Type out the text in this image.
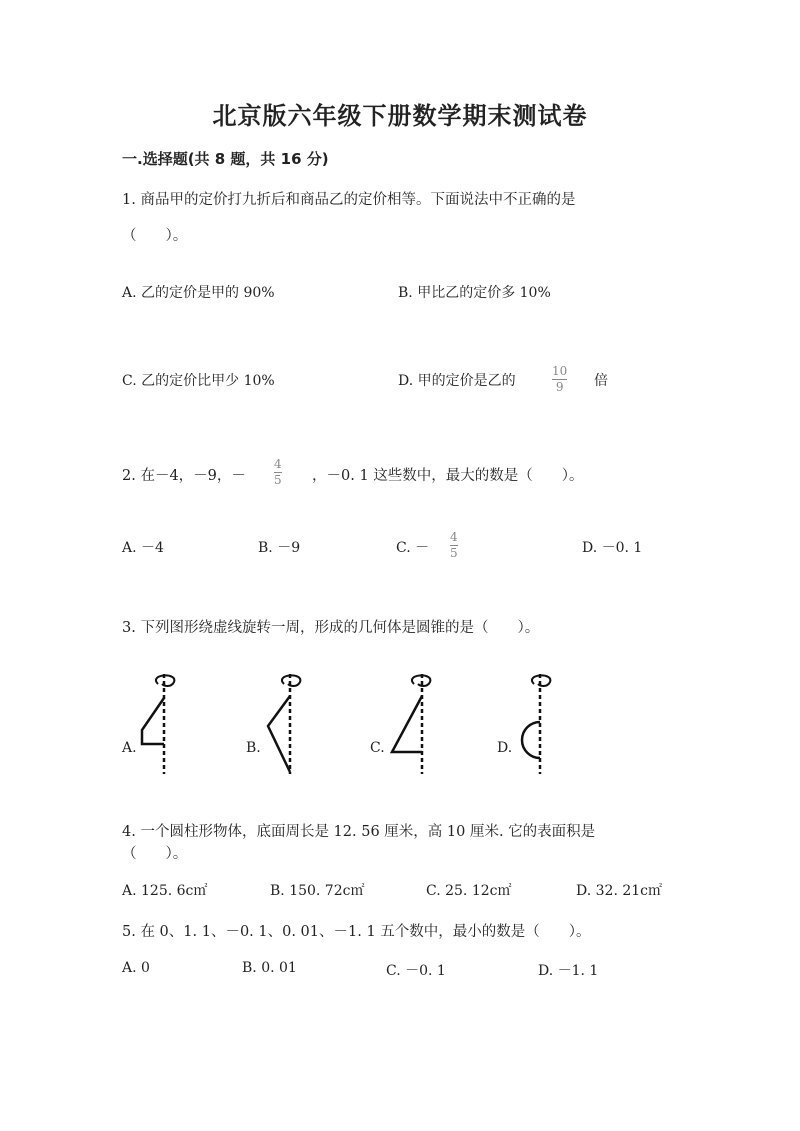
北京版六年级下册数学期末测试卷
一.选择题(共 8 题，共 16 分)
1. 商品甲的定价打九折后和商品乙的定价相等。下面说法中不正确的是
（　　）。
A. 乙的定价是甲的 90%	B. 甲比乙的定价多 10%
C. 乙的定价比甲少 10%	D. 甲的定价是乙的
10
9 倍
2. 在－4，－9，－
4
5 ，－0. 1 这些数中，最大的数是（　　）。
A. －4	B. －9	C. －
4
5	D. －0. 1
3. 下列图形绕虚线旋转一周，形成的几何体是圆锥的是（　　）。
A.	B.	C.	D.
4. 一个圆柱形物体，底面周长是 12. 56 厘米，高 10 厘米. 它的表面积是
（　　）。
A. 125. 6c㎡	B. 150. 72c㎡	C. 25. 12c㎡	D. 32. 21c㎡
5. 在 0、1. 1、－0. 1、0. 01、－1. 1 五个数中，最小的数是（　　）。
A. 0	B. 0. 01	C. －0. 1	D. －1. 1
